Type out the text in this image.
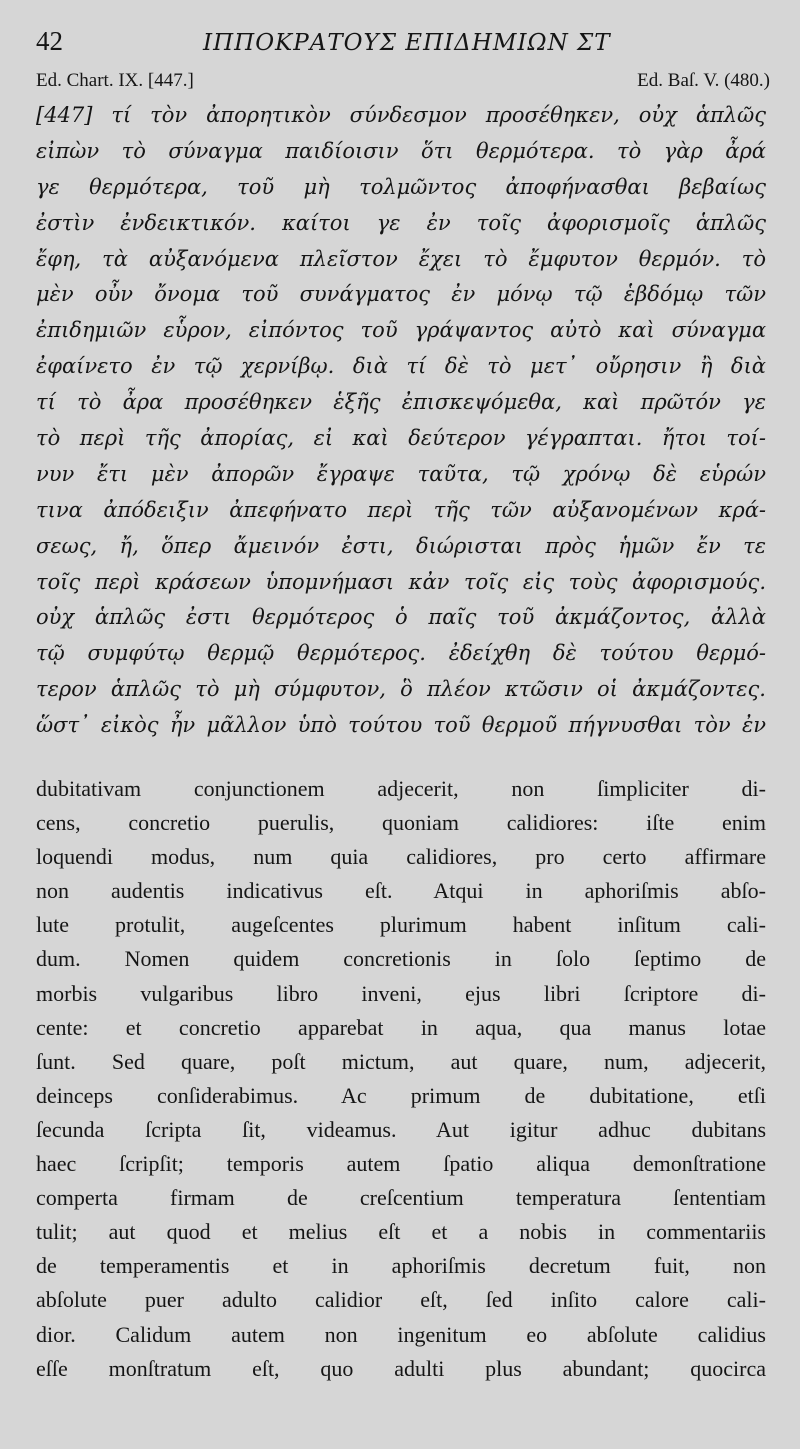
42	ΙΠΠΟΚΡΑΤΟΥΣ ΕΠΙΔΗΜΙΩΝ ΣΤ
Ed. Chart. IX. [447.]	Ed. Baſ. V. (480.)
[447] τί τὸν ἀπορητικὸν σύνδεσμον προσέθηκεν, οὐχ ἁπλῶς
εἰπὼν τὸ σύναγμα παιδίοισιν ὅτι θερμότερα. τὸ γὰρ ἆρά
γε θερμότερα, τοῦ μὴ τολμῶντος ἀποφήνασθαι βεβαίως
ἐστὶν ἐνδεικτικόν. καίτοι γε ἐν τοῖς ἀφορισμοῖς ἁπλῶς
ἔφη, τὰ αὐξανόμενα πλεῖστον ἔχει τὸ ἔμφυτον θερμόν. τὸ
μὲν οὖν ὄνομα τοῦ συνάγματος ἐν μόνῳ τῷ ἑβδόμῳ τῶν
ἐπιδημιῶν εὗρον, εἰπόντος τοῦ γράψαντος αὐτὸ καὶ σύναγμα
ἐφαίνετο ἐν τῷ χερνίβῳ. διὰ τί δὲ τὸ μετ᾽ οὔρησιν ἢ διὰ
τί τὸ ἆρα προσέθηκεν ἑξῆς ἐπισκεψόμεθα, καὶ πρῶτόν γε
τὸ περὶ τῆς ἀπορίας, εἰ καὶ δεύτερον γέγραπται. ἤτοι τοί-
νυν ἔτι μὲν ἀπορῶν ἔγραψε ταῦτα, τῷ χρόνῳ δὲ εὑρών
τινα ἀπόδειξιν ἀπεφήνατο περὶ τῆς τῶν αὐξανομένων κρά-
σεως, ἤ, ὅπερ ἄμεινόν ἐστι, διώρισται πρὸς ἡμῶν ἔν τε
τοῖς περὶ κράσεων ὑπομνήμασι κἀν τοῖς εἰς τοὺς ἀφορισμούς.
οὐχ ἁπλῶς ἐστι θερμότερος ὁ παῖς τοῦ ἀκμάζοντος, ἀλλὰ
τῷ συμφύτῳ θερμῷ θερμότερος. ἐδείχθη δὲ τούτου θερμό-
τερον ἁπλῶς τὸ μὴ σύμφυτον, ὃ πλέον κτῶσιν οἱ ἀκμάζοντες.
ὥστ᾽ εἰκὸς ἦν μᾶλλον ὑπὸ τούτου τοῦ θερμοῦ πήγνυσθαι τὸν ἐν
dubitativam conjunctionem adjecerit, non ſimpliciter di-
cens, concretio puerulis, quoniam calidiores: iſte enim
loquendi modus, num quia calidiores, pro certo affirmare
non audentis indicativus eſt. Atqui in aphoriſmis abſo-
lute protulit, augeſcentes plurimum habent inſitum cali-
dum. Nomen quidem concretionis in ſolo ſeptimo de
morbis vulgaribus libro inveni, ejus libri ſcriptore di-
cente: et concretio apparebat in aqua, qua manus lotae
ſunt. Sed quare, poſt mictum, aut quare, num, adjecerit,
deinceps conſiderabimus. Ac primum de dubitatione, etſi
ſecunda ſcripta ſit, videamus. Aut igitur adhuc dubitans
haec ſcripſit; temporis autem ſpatio aliqua demonſtratione
comperta firmam de creſcentium temperatura ſententiam
tulit; aut quod et melius eſt et a nobis in commentariis
de temperamentis et in aphoriſmis decretum fuit, non
abſolute puer adulto calidior eſt, ſed inſito calore cali-
dior. Calidum autem non ingenitum eo abſolute calidius
eſſe monſtratum eſt, quo adulti plus abundant; quocirca
